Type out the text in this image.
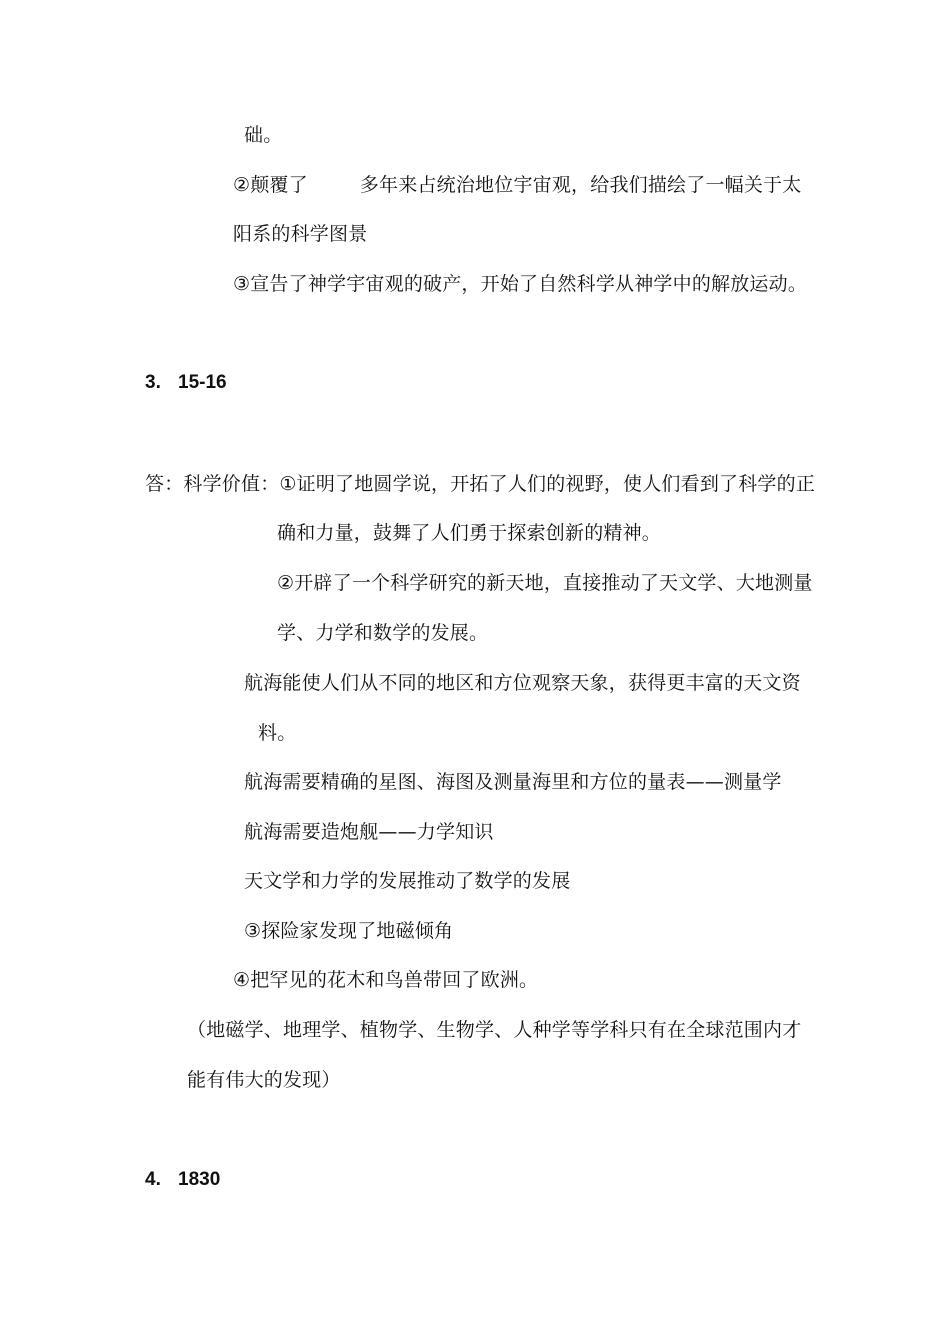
础。
②颠覆了	多年来占统治地位宇宙观，给我们描绘了一幅关于太
阳系的科学图景
③宣告了神学宇宙观的破产，开始了自然科学从神学中的解放运动。
3. 15-16
答：科学价值：①证明了地圆学说，开拓了人们的视野，使人们看到了科学的正
确和力量，鼓舞了人们勇于探索创新的精神。
②开辟了一个科学研究的新天地，直接推动了天文学、大地测量
学、力学和数学的发展。
航海能使人们从不同的地区和方位观察天象，获得更丰富的天文资
料。
航海需要精确的星图、海图及测量海里和方位的量表——测量学
航海需要造炮舰——力学知识
天文学和力学的发展推动了数学的发展
③探险家发现了地磁倾角
④把罕见的花木和鸟兽带回了欧洲。
（地磁学、地理学、植物学、生物学、人种学等学科只有在全球范围内才
能有伟大的发现）
4. 1830
